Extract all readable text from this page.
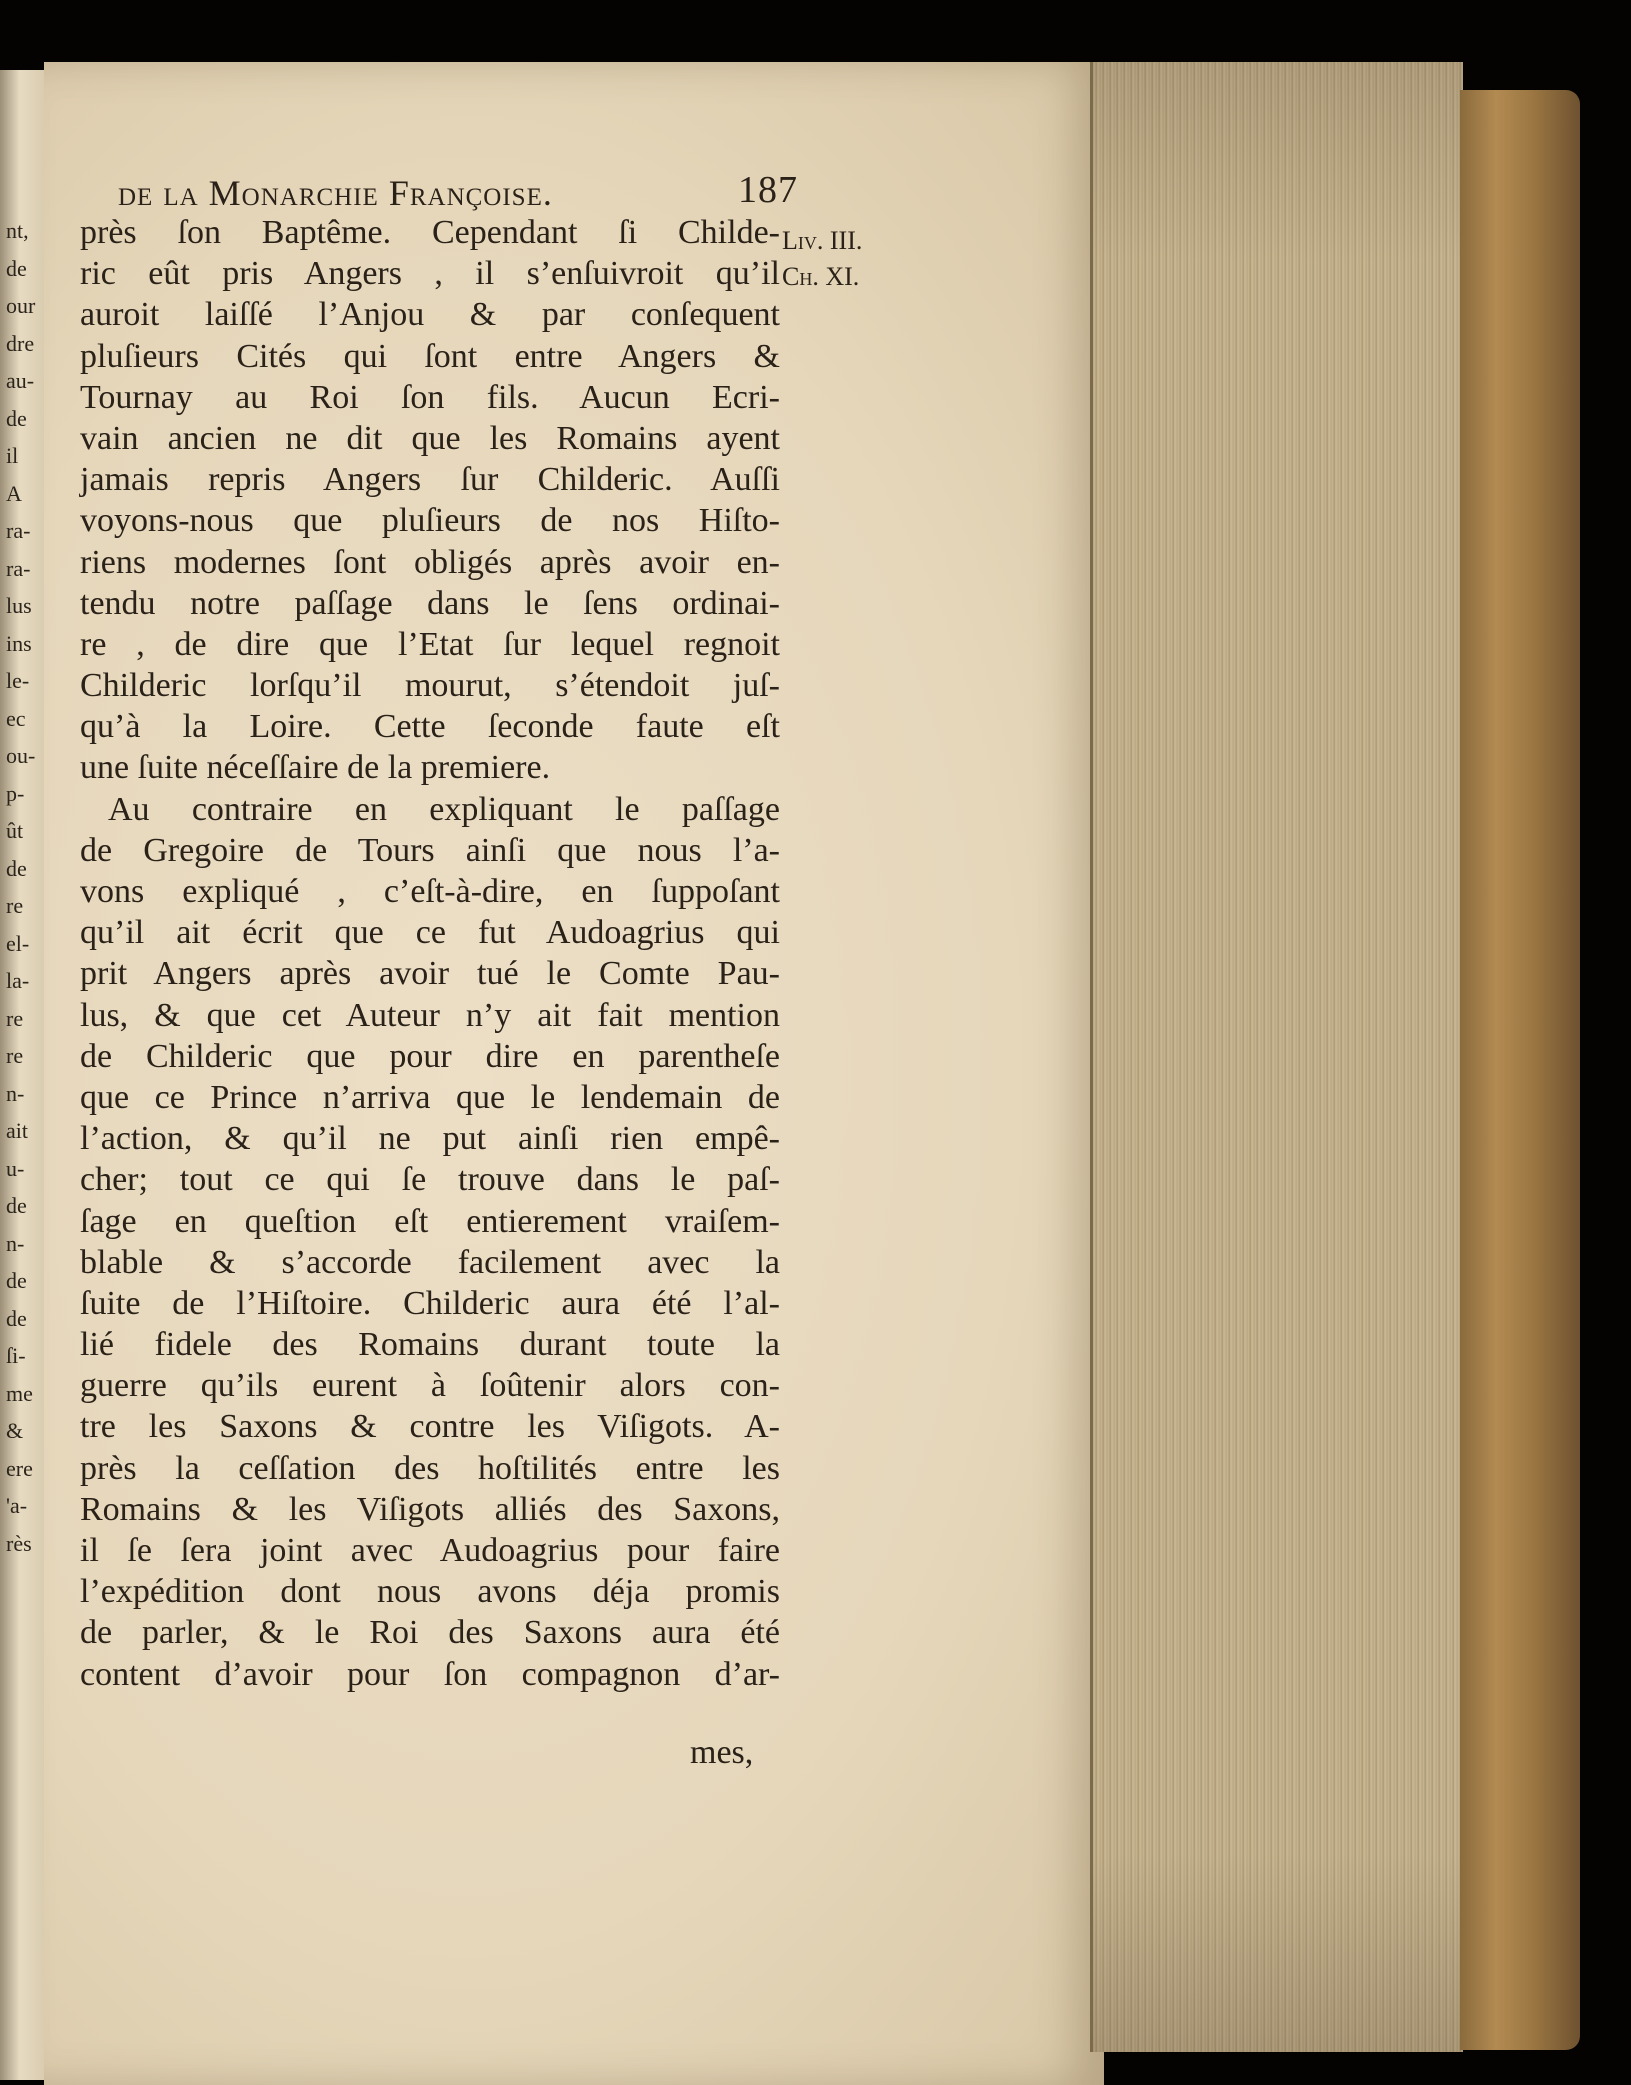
nt,
de
our
dre
au-
de
il
A
ra-
ra-
lus
ins
le-
ec
ou-
p-
ût
de
re
el-
la-
re
re
n-
ait
u-
de
n-
de
de
ſi-
me
&
ere
'a-
rès
de la Monarchie Françoise.	187
Liv. III.
Ch. XI.
près ſon Baptême. Cependant ſi Childe-
ric eût pris Angers , il s’enſuivroit qu’il
auroit laiſſé l’Anjou & par conſequent
pluſieurs Cités qui ſont entre Angers &
Tournay au Roi ſon fils. Aucun Ecri-
vain ancien ne dit que les Romains ayent
jamais repris Angers ſur Childeric. Auſſi
voyons-nous que pluſieurs de nos Hiſto-
riens modernes ſont obligés après avoir en-
tendu notre paſſage dans le ſens ordinai-
re , de dire que l’Etat ſur lequel regnoit
Childeric lorſqu’il mourut, s’étendoit juſ-
qu’à la Loire. Cette ſeconde faute eſt
une ſuite néceſſaire de la premiere.
Au contraire en expliquant le paſſage
de Gregoire de Tours ainſi que nous l’a-
vons expliqué , c’eſt-à-dire, en ſuppoſant
qu’il ait écrit que ce fut Audoagrius qui
prit Angers après avoir tué le Comte Pau-
lus, & que cet Auteur n’y ait fait mention
de Childeric que pour dire en parentheſe
que ce Prince n’arriva que le lendemain de
l’action, & qu’il ne put ainſi rien empê-
cher; tout ce qui ſe trouve dans le paſ-
ſage en queſtion eſt entierement vraiſem-
blable & s’accorde facilement avec la
ſuite de l’Hiſtoire. Childeric aura été l’al-
lié fidele des Romains durant toute la
guerre qu’ils eurent à ſoûtenir alors con-
tre les Saxons & contre les Viſigots. A-
près la ceſſation des hoſtilités entre les
Romains & les Viſigots alliés des Saxons,
il ſe ſera joint avec Audoagrius pour faire
l’expédition dont nous avons déja promis
de parler, & le Roi des Saxons aura été
content d’avoir pour ſon compagnon d’ar-
mes,
